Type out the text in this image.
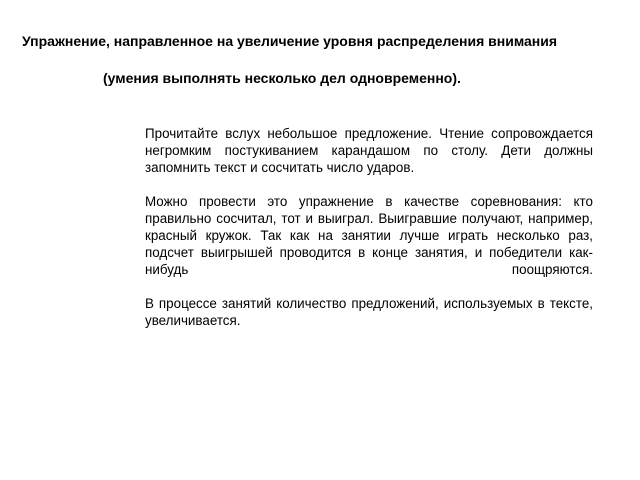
Упражнение, направленное на увеличение уровня распределения внимания
(умения выполнять несколько дел одновременно).

Прочитайте вслух небольшое предложение. Чтение сопровождается негромким постукиванием карандашом по столу. Дети должны запомнить текст и сосчитать число ударов.

Можно провести это упражнение в качестве соревнования: кто правильно сосчитал, тот и выиграл. Выигравшие получают, например, красный кружок. Так как на занятии лучше играть несколько раз, подсчет выигрышей проводится в конце занятия, и победители как-нибудь поощряются.

В процессе занятий количество предложений, используемых в тексте, увеличивается.
